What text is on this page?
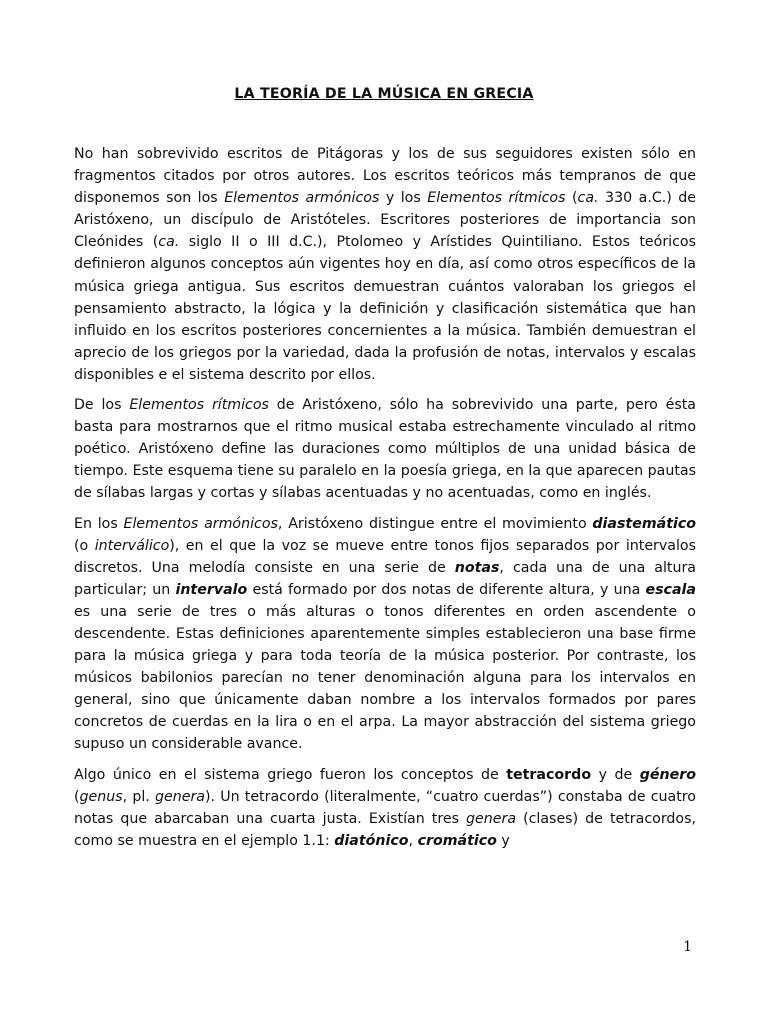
LA TEORÍA DE LA MÚSICA EN GRECIA

No han sobrevivido escritos de Pitágoras y los de sus seguidores existen sólo en fragmentos citados por otros autores. Los escritos teóricos más tempranos de que disponemos son los Elementos armónicos y los Elementos rítmicos (ca. 330 a.C.) de Aristóxeno, un discípulo de Aristóteles. Escritores posteriores de importancia son Cleónides (ca. siglo II o III d.C.), Ptolomeo y Arístides Quintiliano. Estos teóricos definieron algunos conceptos aún vigentes hoy en día, así como otros específicos de la música griega antigua. Sus escritos demuestran cuántos valoraban los griegos el pensamiento abstracto, la lógica y la definición y clasificación sistemática que han influido en los escritos posteriores concernientes a la música. También demuestran el aprecio de los griegos por la variedad, dada la profusión de notas, intervalos y escalas disponibles e el sistema descrito por ellos.

De los Elementos rítmicos de Aristóxeno, sólo ha sobrevivido una parte, pero ésta basta para mostrarnos que el ritmo musical estaba estrechamente vinculado al ritmo poético. Aristóxeno define las duraciones como múltiplos de una unidad básica de tiempo. Este esquema tiene su paralelo en la poesía griega, en la que aparecen pautas de sílabas largas y cortas y sílabas acentuadas y no acentuadas, como en inglés.

En los Elementos armónicos, Aristóxeno distingue entre el movimiento diastemático (o interválico), en el que la voz se mueve entre tonos fijos separados por intervalos discretos. Una melodía consiste en una serie de notas, cada una de una altura particular; un intervalo está formado por dos notas de diferente altura, y una escala es una serie de tres o más alturas o tonos diferentes en orden ascendente o descendente. Estas definiciones aparentemente simples establecieron una base firme para la música griega y para toda teoría de la música posterior. Por contraste, los músicos babilonios parecían no tener denominación alguna para los intervalos en general, sino que únicamente daban nombre a los intervalos formados por pares concretos de cuerdas en la lira o en el arpa. La mayor abstracción del sistema griego supuso un considerable avance.

Algo único en el sistema griego fueron los conceptos de tetracordo y de género (genus, pl. genera). Un tetracordo (literalmente, “cuatro cuerdas”) constaba de cuatro notas que abarcaban una cuarta justa. Existían tres genera (clases) de tetracordos, como se muestra en el ejemplo 1.1: diatónico, cromático y

1
